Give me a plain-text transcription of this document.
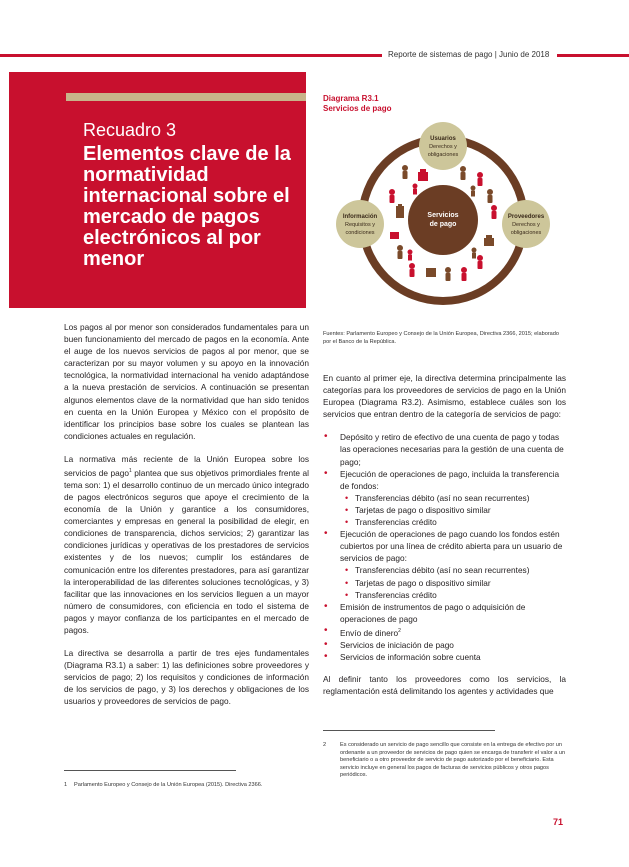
Reporte de sistemas de pago | Junio de 2018
Recuadro 3
Elementos clave de la normatividad internacional sobre el mercado de pagos electrónicos al por menor
Diagrama R3.1
Servicios de pago
Servicios
de pago
Usuarios
Derechos y
obligaciones
Información
Requisitos y
condiciones
Proveedores
Derechos y
obligaciones
Fuentes: Parlamento Europeo y Consejo de la Unión Europea, Directiva 2366, 2015; elaborado por el Banco de la República.

Los pagos al por menor son considerados fundamentales para un buen funcionamiento del mercado de pagos en la economía. Ante el auge de los nuevos servicios de pagos al por menor, que se caracterizan por su mayor volumen y su apoyo en la innovación tecnológica, la normatividad internacional ha venido adaptándose a la nueva prestación de servicios. A continuación se presentan algunos elementos clave de la normatividad que han sido tenidos en cuenta en la Unión Europea y México con el propósito de identificar los principios base sobre los cuales se plantean las condiciones actuales en regulación.

La normativa más reciente de la Unión Europea sobre los servicios de pago$^1$ plantea que sus objetivos primordiales frente al tema son: 1) el desarrollo continuo de un mercado único integrado de pagos electrónicos seguros que apoye el crecimiento de la economía de la Unión y garantice a los consumidores, comerciantes y empresas en general la posibilidad de elegir, en condiciones de transparencia, dichos servicios; 2) garantizar las condiciones jurídicas y operativas de los prestadores de servicios existentes y de los nuevos; cumplir los estándares de comunicación entre los diferentes prestadores, para así garantizar la interoperabilidad de las diferentes soluciones tecnológicas, y 3) facilitar que las innovaciones en los servicios lleguen a un mayor número de consumidores, con eficiencia en todo el sistema de pagos y mayor confianza de los participantes en el mercado de pagos.

La directiva se desarrolla a partir de tres ejes fundamentales (Diagrama R3.1) a saber: 1) las definiciones sobre proveedores y servicios de pago; 2) los requisitos y condiciones de información de los servicios de pago, y 3) los derechos y obligaciones de los usuarios y proveedores de servicios de pago.

En cuanto al primer eje, la directiva determina principalmente las categorías para los proveedores de servicios de pago en la Unión Europea (Diagrama R3.2). Asimismo, establece cuáles son los servicios que entran dentro de la categoría de servicios de pago:

• Depósito y retiro de efectivo de una cuenta de pago y todas las operaciones necesarias para la gestión de una cuenta de pago;
• Ejecución de operaciones de pago, incluida la transferencia de fondos:
• Transferencias débito (así no sean recurrentes)
• Tarjetas de pago o dispositivo similar
• Transferencias crédito
• Ejecución de operaciones de pago cuando los fondos estén cubiertos por una línea de crédito abierta para un usuario de servicios de pago:
• Transferencias débito (así no sean recurrentes)
• Tarjetas de pago o dispositivo similar
• Transferencias crédito
• Emisión de instrumentos de pago o adquisición de operaciones de pago
• Envío de dinero$^2$
• Servicios de iniciación de pago
• Servicios de información sobre cuenta

Al definir tanto los proveedores como los servicios, la reglamentación está delimitando los agentes y actividades que

1	Parlamento Europeo y Consejo de la Unión Europea (2015). Directiva 2366.
2	Es considerado un servicio de pago sencillo que consiste en la entrega de efectivo por un ordenante a un proveedor de servicios de pago quien se encarga de transferir el valor a un beneficiario o a otro proveedor de servicio de pago autorizado por el beneficiario. Esta servicio incluye en general los pagos de facturas de servicios públicos y otros pagos periódicos.
71
